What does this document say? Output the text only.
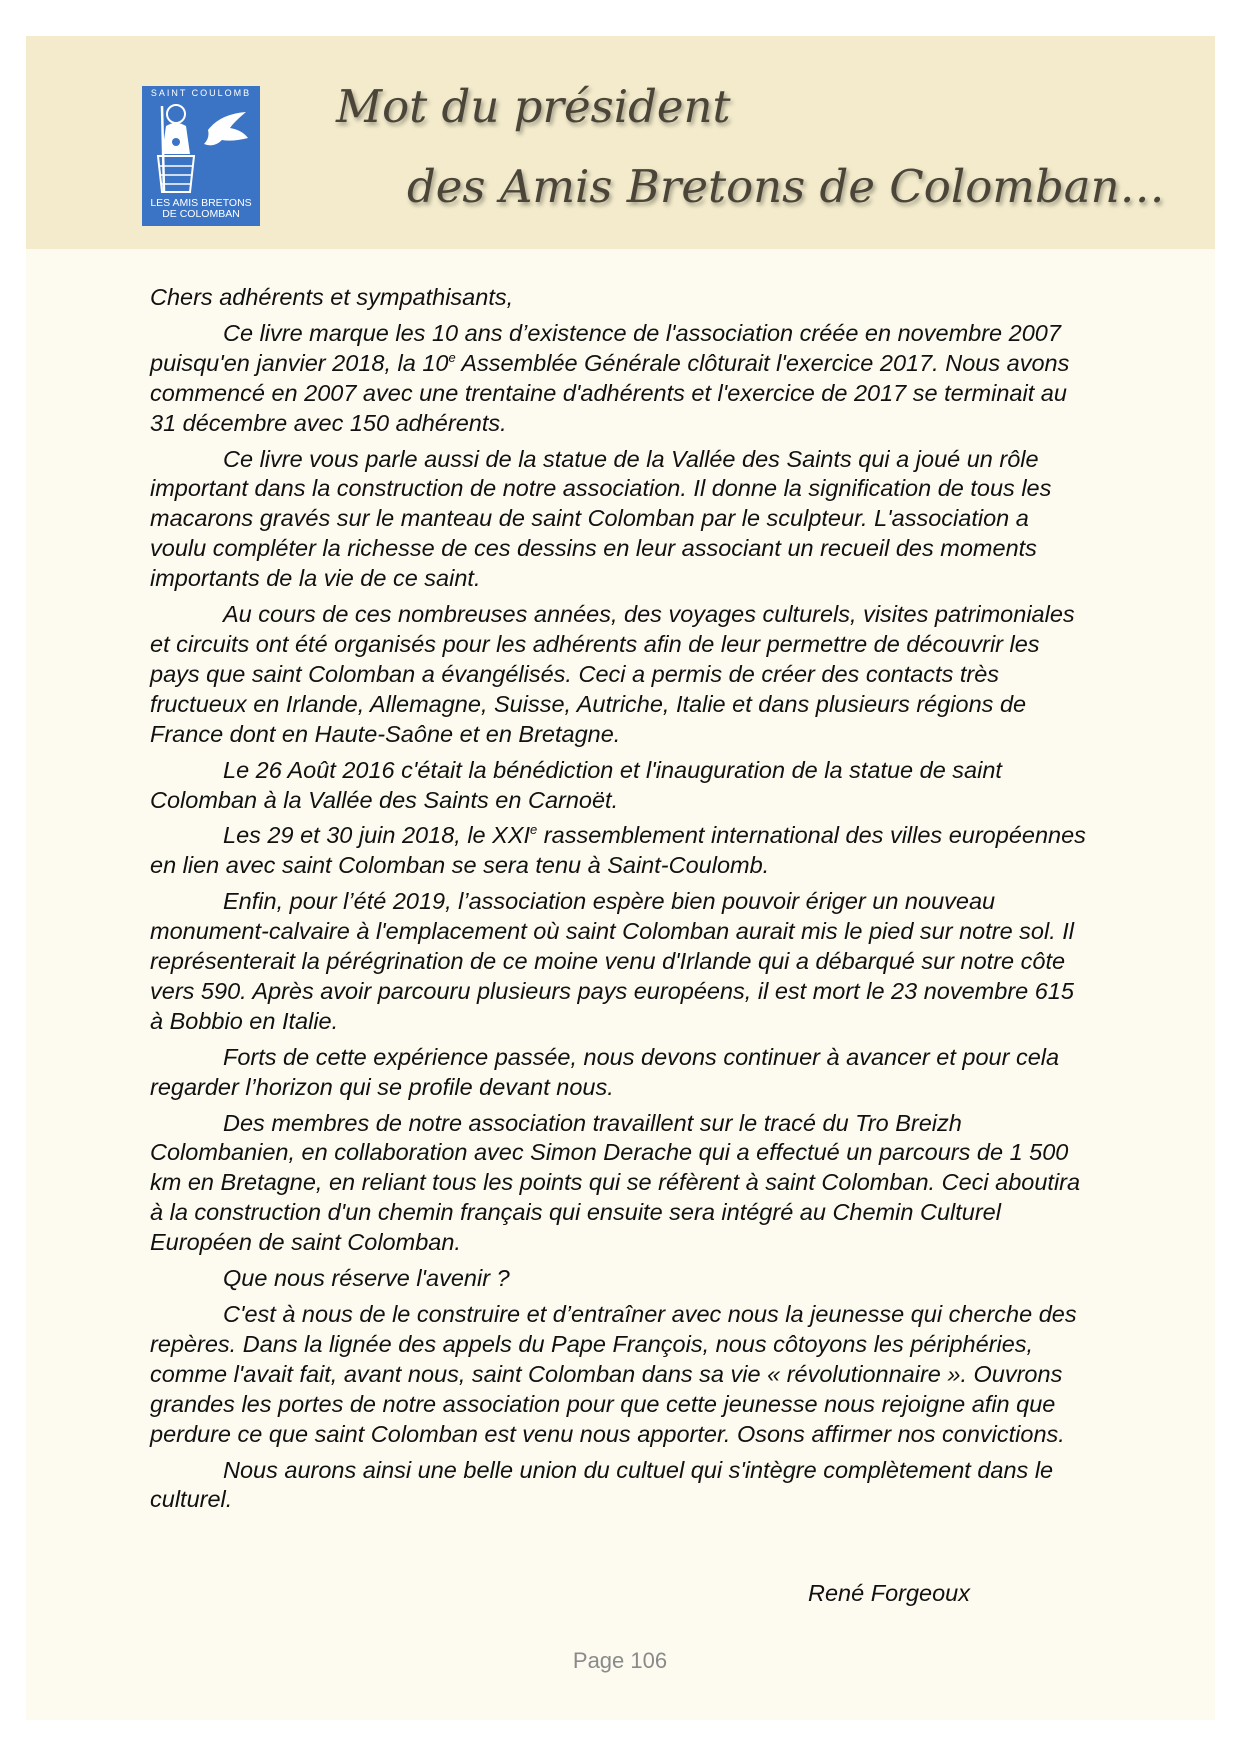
SAINT COULOMB
LES AMIS BRETONS
DE COLOMBAN
Mot du président
des Amis Bretons de Colomban…

Chers adhérents et sympathisants,

Ce livre marque les 10 ans d’existence de l'association créée en novembre 2007 puisqu'en janvier 2018, la 10e Assemblée Générale clôturait l'exercice 2017. Nous avons commencé en 2007 avec une trentaine d'adhérents et l'exercice de 2017 se terminait au 31 décembre avec 150 adhérents.

Ce livre vous parle aussi de la statue de la Vallée des Saints qui a joué un rôle important dans la construction de notre association. Il donne la signification de tous les macarons gravés sur le manteau de saint Colomban par le sculpteur. L'association a voulu compléter la richesse de ces dessins en leur associant un recueil des moments importants de la vie de ce saint.

Au cours de ces nombreuses années, des voyages culturels, visites patrimoniales et circuits ont été organisés pour les adhérents afin de leur permettre de découvrir les pays que saint Colomban a évangélisés. Ceci a permis de créer des contacts très fructueux en Irlande, Allemagne, Suisse, Autriche, Italie et dans plusieurs régions de France dont en Haute-Saône et en Bretagne.

Le 26 Août 2016 c'était la bénédiction et l'inauguration de la statue de saint Colomban à la Vallée des Saints en Carnoët.

Les 29 et 30 juin 2018, le XXIe rassemblement international des villes européennes en lien avec saint Colomban se sera tenu à Saint-Coulomb.

Enfin, pour l’été 2019, l’association espère bien pouvoir ériger un nouveau monument-calvaire à l'emplacement où saint Colomban aurait mis le pied sur notre sol. Il représenterait la pérégrination de ce moine venu d'Irlande qui a débarqué sur notre côte vers 590. Après avoir parcouru plusieurs pays européens, il est mort le 23 novembre 615 à Bobbio en Italie.

Forts de cette expérience passée, nous devons continuer à avancer et pour cela regarder l’horizon qui se profile devant nous.

Des membres de notre association travaillent sur le tracé du Tro Breizh Colombanien, en collaboration avec Simon Derache qui a effectué un parcours de 1 500 km en Bretagne, en reliant tous les points qui se réfèrent à saint Colomban. Ceci aboutira à la construction d'un chemin français qui ensuite sera intégré au Chemin Culturel Européen de saint Colomban.

Que nous réserve l'avenir ?

C'est à nous de le construire et d’entraîner avec nous la jeunesse qui cherche des repères. Dans la lignée des appels du Pape François, nous côtoyons les périphéries, comme l'avait fait, avant nous, saint Colomban dans sa vie « révolutionnaire ». Ouvrons grandes les portes de notre association pour que cette jeunesse nous rejoigne afin que perdure ce que saint Colomban est venu nous apporter. Osons affirmer nos convictions.

Nous aurons ainsi une belle union du cultuel qui s'intègre complètement dans le culturel.

René Forgeoux
Page 106
